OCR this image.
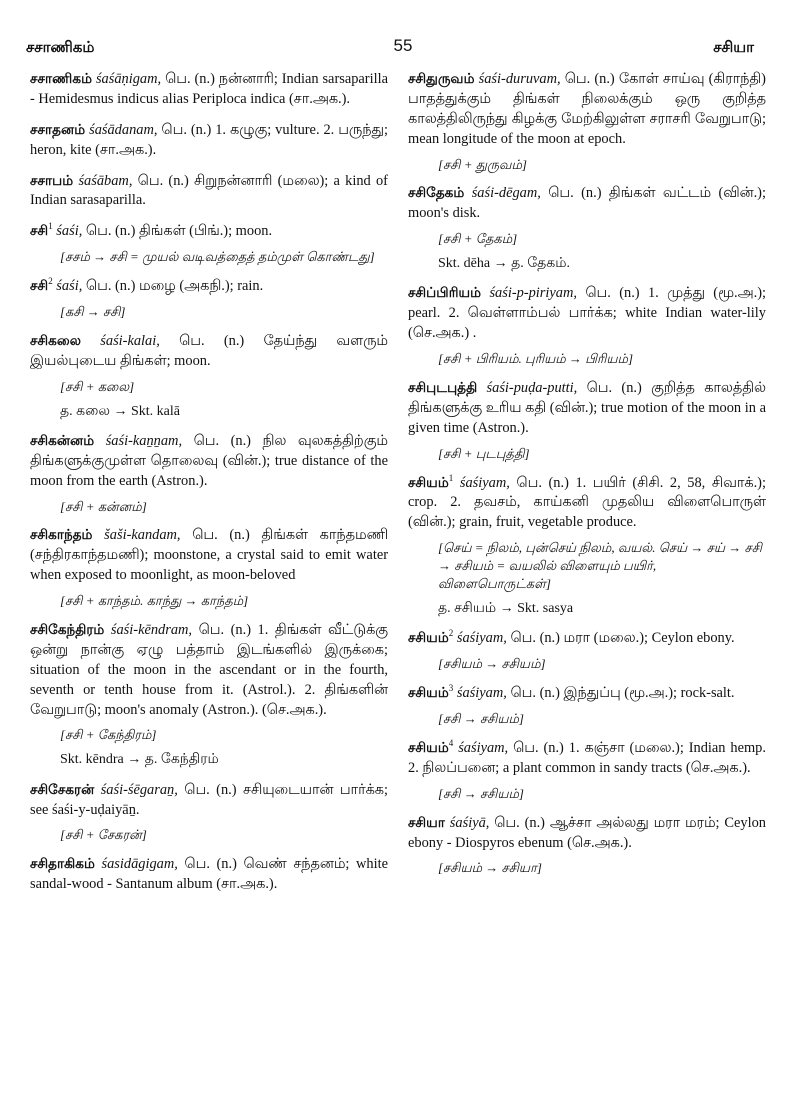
சசாணிகம்	55	சசியா
சசாணிகம் śaśāṇigam, பெ. (n.) நன்னாரி; Indian sarsaparilla - Hemidesmus indicus alias Periploca indica (சா.அக.).
சசாதனம் śaśādanam, பெ. (n.) 1. கழுகு; vulture. 2. பருந்து; heron, kite (சா.அக.).
சசாபம் śaśābam, பெ. (n.) சிறுநன்னாரி (மலை); a kind of Indian sarasaparilla.
சசி$^1$ śaśi, பெ. (n.) திங்கள் (பிங்.); moon.
[சசம் → சசி = முயல் வடிவத்தைத் தம்முள் கொண்டது]
சசி$^2$ śaśi, பெ. (n.) மழை (அகநி.); rain.
[கசி → சசி]
சசிகலை śaśi-kalai, பெ. (n.) தேய்ந்து வளரும் இயல்புடைய திங்கள்; moon.
[சசி + கலை]
த. கலை → Skt. kalā
சசிகன்னம் śaśi-kaṉṉam, பெ. (n.) நில வுலகத்திற்கும் திங்களுக்குமுள்ள தொலைவு (வின்.); true distance of the moon from the earth (Astron.).
[சசி + கன்னம்]
சசிகாந்தம் šaši-kandam, பெ. (n.) திங்கள் காந்தமணி (சந்திரகாந்தமணி); moonstone, a crystal said to emit water when exposed to moonlight, as moon-beloved
[சசி + காந்தம். காந்து → காந்தம்]
சசிகேந்திரம் śaśi-kēndram, பெ. (n.) 1. திங்கள் வீட்டுக்கு ஒன்று நான்கு ஏழு பத்தாம் இடங்களில் இருக்கை; situation of the moon in the ascendant or in the fourth, seventh or tenth house from it. (Astrol.). 2. திங்களின் வேறுபாடு; moon's anomaly (Astron.). (செ.அக.).
[சசி + கேந்திரம்]
Skt. kēndra → த. கேந்திரம்
சசிசேகரன் śaśi-śēgaraṉ, பெ. (n.) சசியுடையான் பார்க்க; see śaśi-y-uḍaiyāṉ.
[சசி + சேகரன்]
சசிதாகிகம் śasidāgigam, பெ. (n.) வெண் சந்தனம்; white sandal-wood - Santanum album (சா.அக.).
சசிதுருவம் śaśi-duruvam, பெ. (n.) கோள் சாய்வு (கிராந்தி) பாதத்துக்கும் திங்கள் நிலைக்கும் ஒரு குறித்த காலத்திலிருந்து கிழக்கு மேற்கிலுள்ள சராசரி வேறுபாடு; mean longitude of the moon at epoch.
[சசி + துருவம்]
சசிதேகம் śaśi-dēgam, பெ. (n.) திங்கள் வட்டம் (வின்.); moon's disk.
[சசி + தேகம்]
Skt. dēha → த. தேகம்.
சசிப்பிரியம் śaśi-p-piriyam, பெ. (n.) 1. முத்து (மூ.அ.); pearl. 2. வெள்ளாம்பல் பார்க்க; white Indian water-lily (செ.அக.) .
[சசி + பிரியம். புரியம் → பிரியம்]
சசிபுடபுத்தி śaśi-puḍa-putti, பெ. (n.) குறித்த காலத்தில் திங்களுக்கு உரிய கதி (வின்.); true motion of the moon in a given time (Astron.).
[சசி + புடபுத்தி]
சசியம்$^1$ śaśiyam, பெ. (n.) 1. பயிர் (சிசி. 2, 58, சிவாக்.); crop. 2. தவசம், காய்கனி முதலிய விளைபொருள் (வின்.); grain, fruit, vegetable produce.
[செய் = நிலம், புன்செய் நிலம், வயல். செய் → சய் → சசி → சசியம் = வயலில் விளையும் பயிர், விளைபொருட்கள்]
த. சசியம் → Skt. sasya
சசியம்$^2$ śaśiyam, பெ. (n.) மரா (மலை.); Ceylon ebony.
[சசியம் → சசியம்]
சசியம்$^3$ śaśiyam, பெ. (n.) இந்துப்பு (மூ.அ.); rock-salt.
[சசி → சசியம்]
சசியம்$^4$ śaśiyam, பெ. (n.) 1. கஞ்சா (மலை.); Indian hemp. 2. நிலப்பனை; a plant common in sandy tracts (செ.அக.).
[சசி → சசியம்]
சசியா śaśiyā, பெ. (n.) ஆச்சா அல்லது மரா மரம்; Ceylon ebony - Diospyros ebenum (செ.அக.).
[சசியம் → சசியா]
